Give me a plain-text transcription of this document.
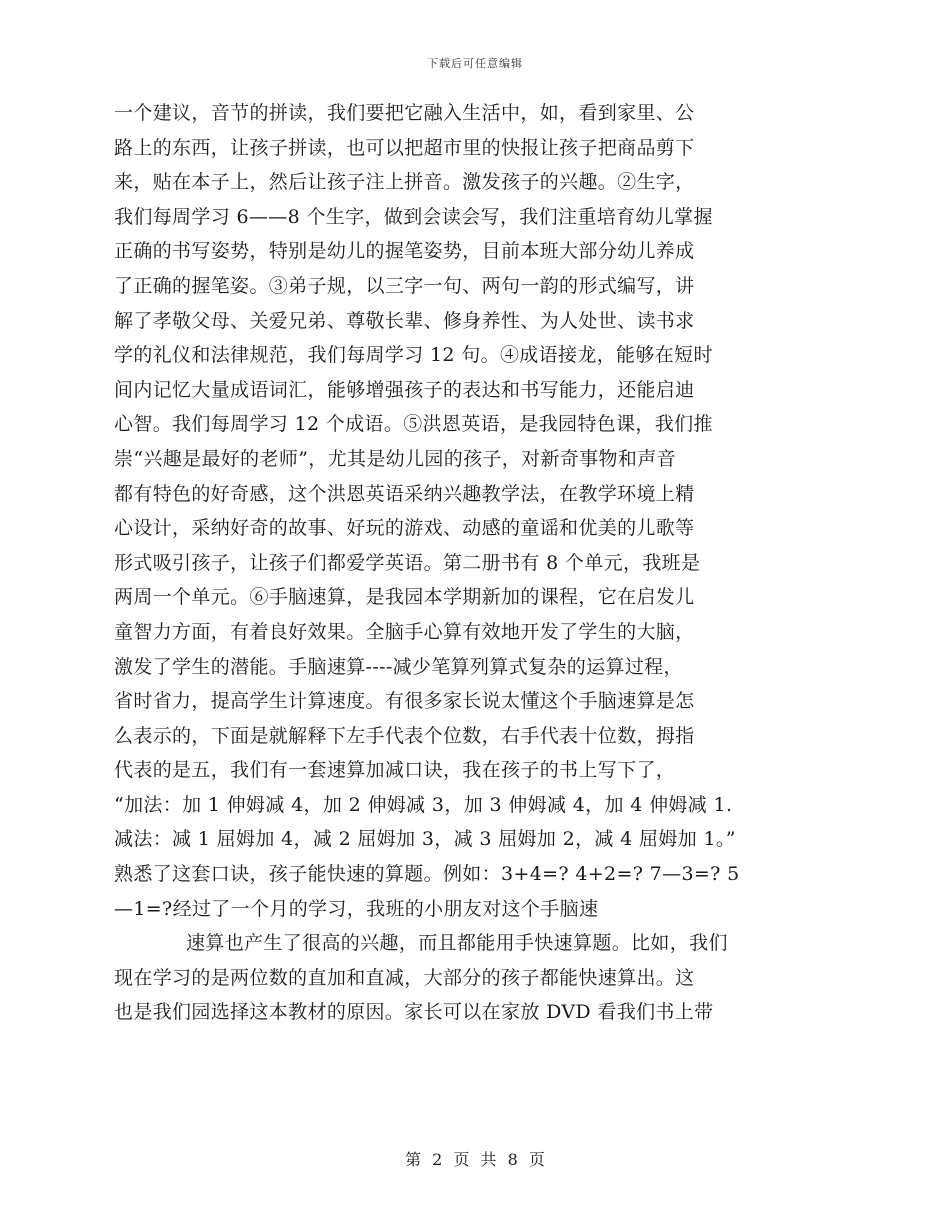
下载后可任意编辑
一个建议，音节的拼读，我们要把它融入生活中，如，看到家里、公
路上的东西，让孩子拼读，也可以把超市里的快报让孩子把商品剪下
来，贴在本子上，然后让孩子注上拼音。激发孩子的兴趣。②生字，
我们每周学习 6——8 个生字，做到会读会写，我们注重培育幼儿掌握
正确的书写姿势，特别是幼儿的握笔姿势，目前本班大部分幼儿养成
了正确的握笔姿。③弟子规，以三字一句、两句一韵的形式编写，讲
解了孝敬父母、关爱兄弟、尊敬长辈、修身养性、为人处世、读书求
学的礼仪和法律规范，我们每周学习 12 句。④成语接龙，能够在短时
间内记忆大量成语词汇，能够增强孩子的表达和书写能力，还能启迪
心智。我们每周学习 12 个成语。⑤洪恩英语，是我园特色课，我们推
崇“兴趣是最好的老师”，尤其是幼儿园的孩子，对新奇事物和声音
都有特色的好奇感，这个洪恩英语采纳兴趣教学法，在教学环境上精
心设计，采纳好奇的故事、好玩的游戏、动感的童谣和优美的儿歌等
形式吸引孩子，让孩子们都爱学英语。第二册书有 8 个单元，我班是
两周一个单元。⑥手脑速算，是我园本学期新加的课程，它在启发儿
童智力方面，有着良好效果。全脑手心算有效地开发了学生的大脑，
激发了学生的潜能。手脑速算----减少笔算列算式复杂的运算过程，
省时省力，提高学生计算速度。有很多家长说太懂这个手脑速算是怎
么表示的，下面是就解释下左手代表个位数，右手代表十位数，拇指
代表的是五，我们有一套速算加减口诀，我在孩子的书上写下了，
“加法：加 1 伸姆减 4，加 2 伸姆减 3，加 3 伸姆减 4，加 4 伸姆减 1.
减法：减 1 屈姆加 4，减 2 屈姆加 3，减 3 屈姆加 2，减 4 屈姆加 1。”
熟悉了这套口诀，孩子能快速的算题。例如：3+4=? 4+2=? 7—3=? 5
—1=?经过了一个月的学习，我班的小朋友对这个手脑速
速算也产生了很高的兴趣，而且都能用手快速算题。比如，我们
现在学习的是两位数的直加和直减，大部分的孩子都能快速算出。这
也是我们园选择这本教材的原因。家长可以在家放 DVD 看我们书上带
第 2 页 共 8 页
